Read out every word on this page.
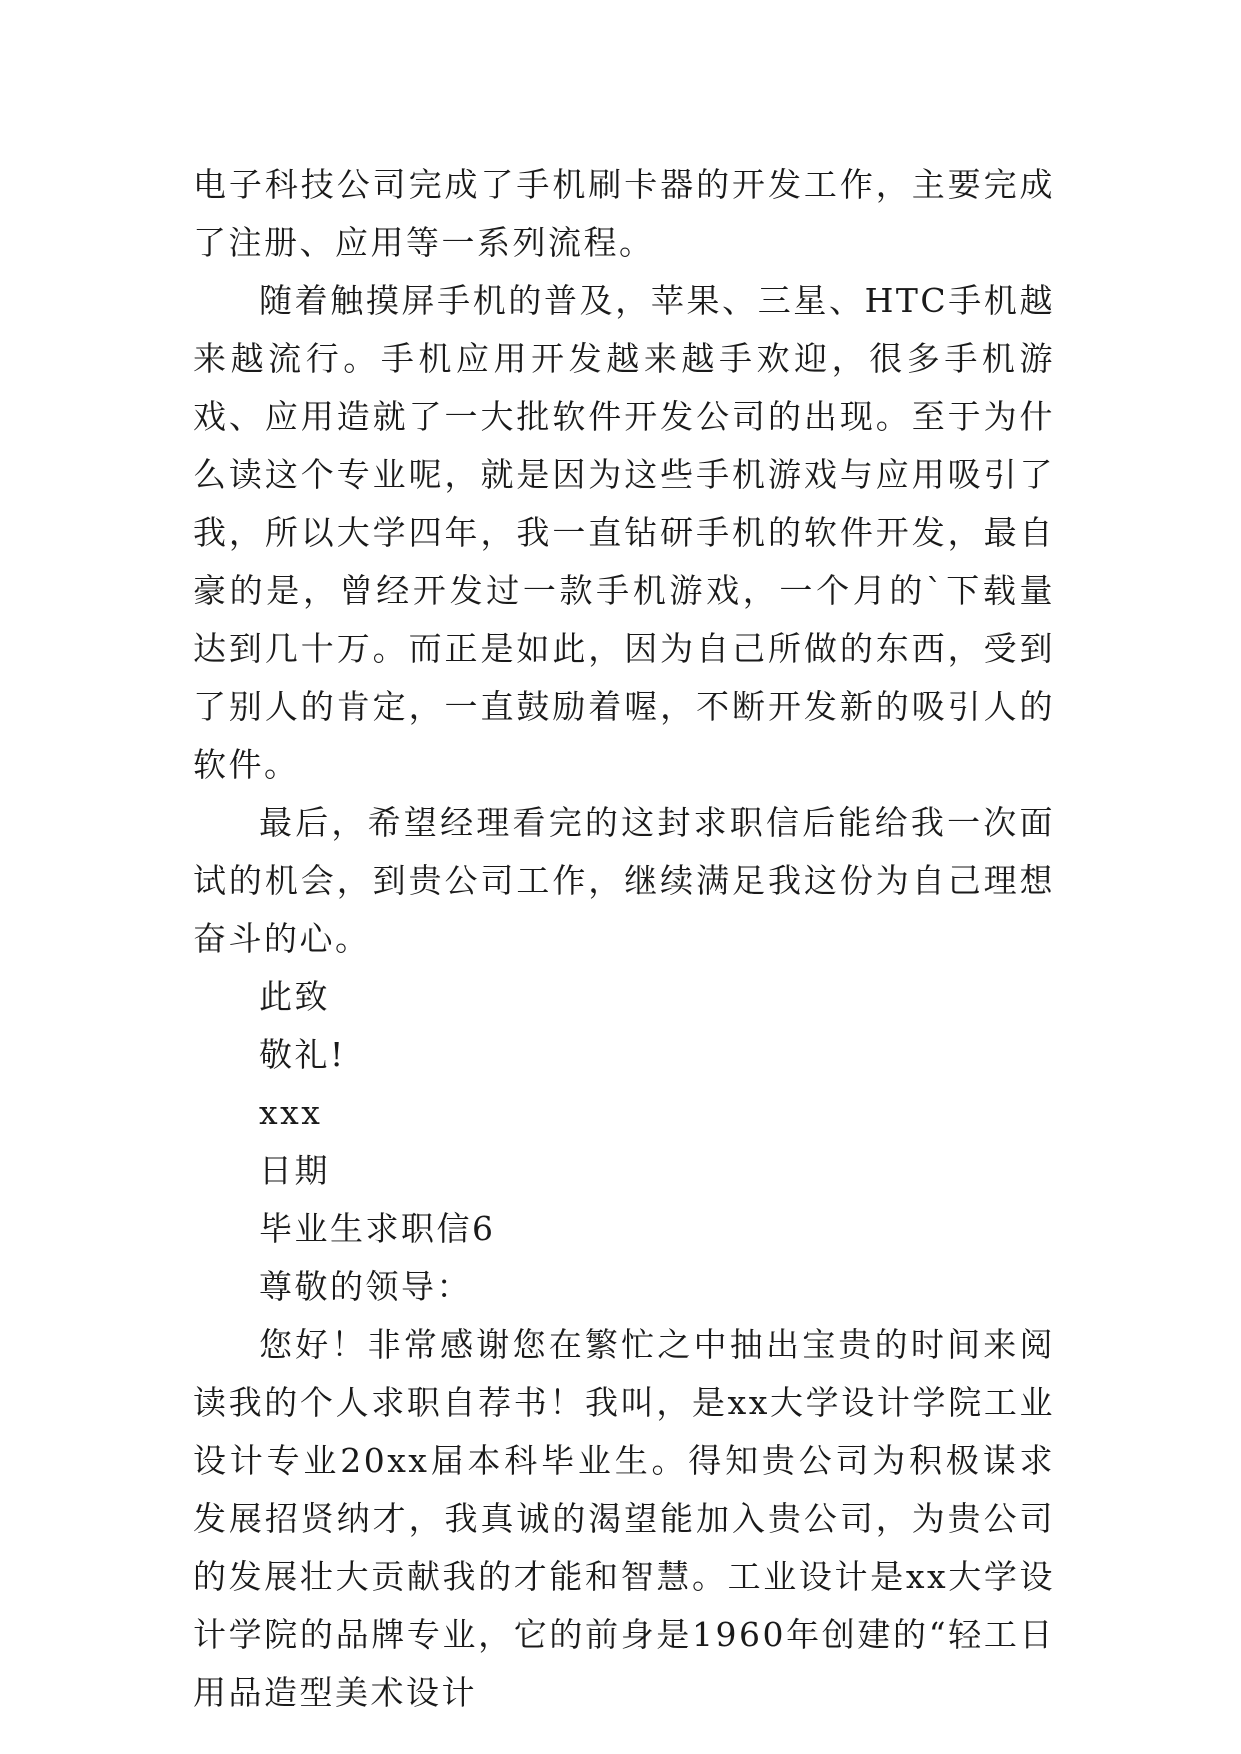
电子科技公司完成了手机刷卡器的开发工作，主要完成了注册、应用等一系列流程。

随着触摸屏手机的普及，苹果、三星、HTC手机越来越流行。手机应用开发越来越手欢迎，很多手机游戏、应用造就了一大批软件开发公司的出现。至于为什么读这个专业呢，就是因为这些手机游戏与应用吸引了我，所以大学四年，我一直钻研手机的软件开发，最自豪的是，曾经开发过一款手机游戏，一个月的`下载量达到几十万。而正是如此，因为自己所做的东西，受到了别人的肯定，一直鼓励着喔，不断开发新的吸引人的软件。

最后，希望经理看完的这封求职信后能给我一次面试的机会，到贵公司工作，继续满足我这份为自己理想奋斗的心。

此致

敬礼!

xxx

日期

毕业生求职信6

尊敬的领导：

您好！非常感谢您在繁忙之中抽出宝贵的时间来阅读我的个人求职自荐书！我叫，是xx大学设计学院工业设计专业20xx届本科毕业生。得知贵公司为积极谋求发展招贤纳才，我真诚的渴望能加入贵公司，为贵公司的发展壮大贡献我的才能和智慧。工业设计是xx大学设计学院的品牌专业，它的前身是1960年创建的“轻工日用品造型美术设计
